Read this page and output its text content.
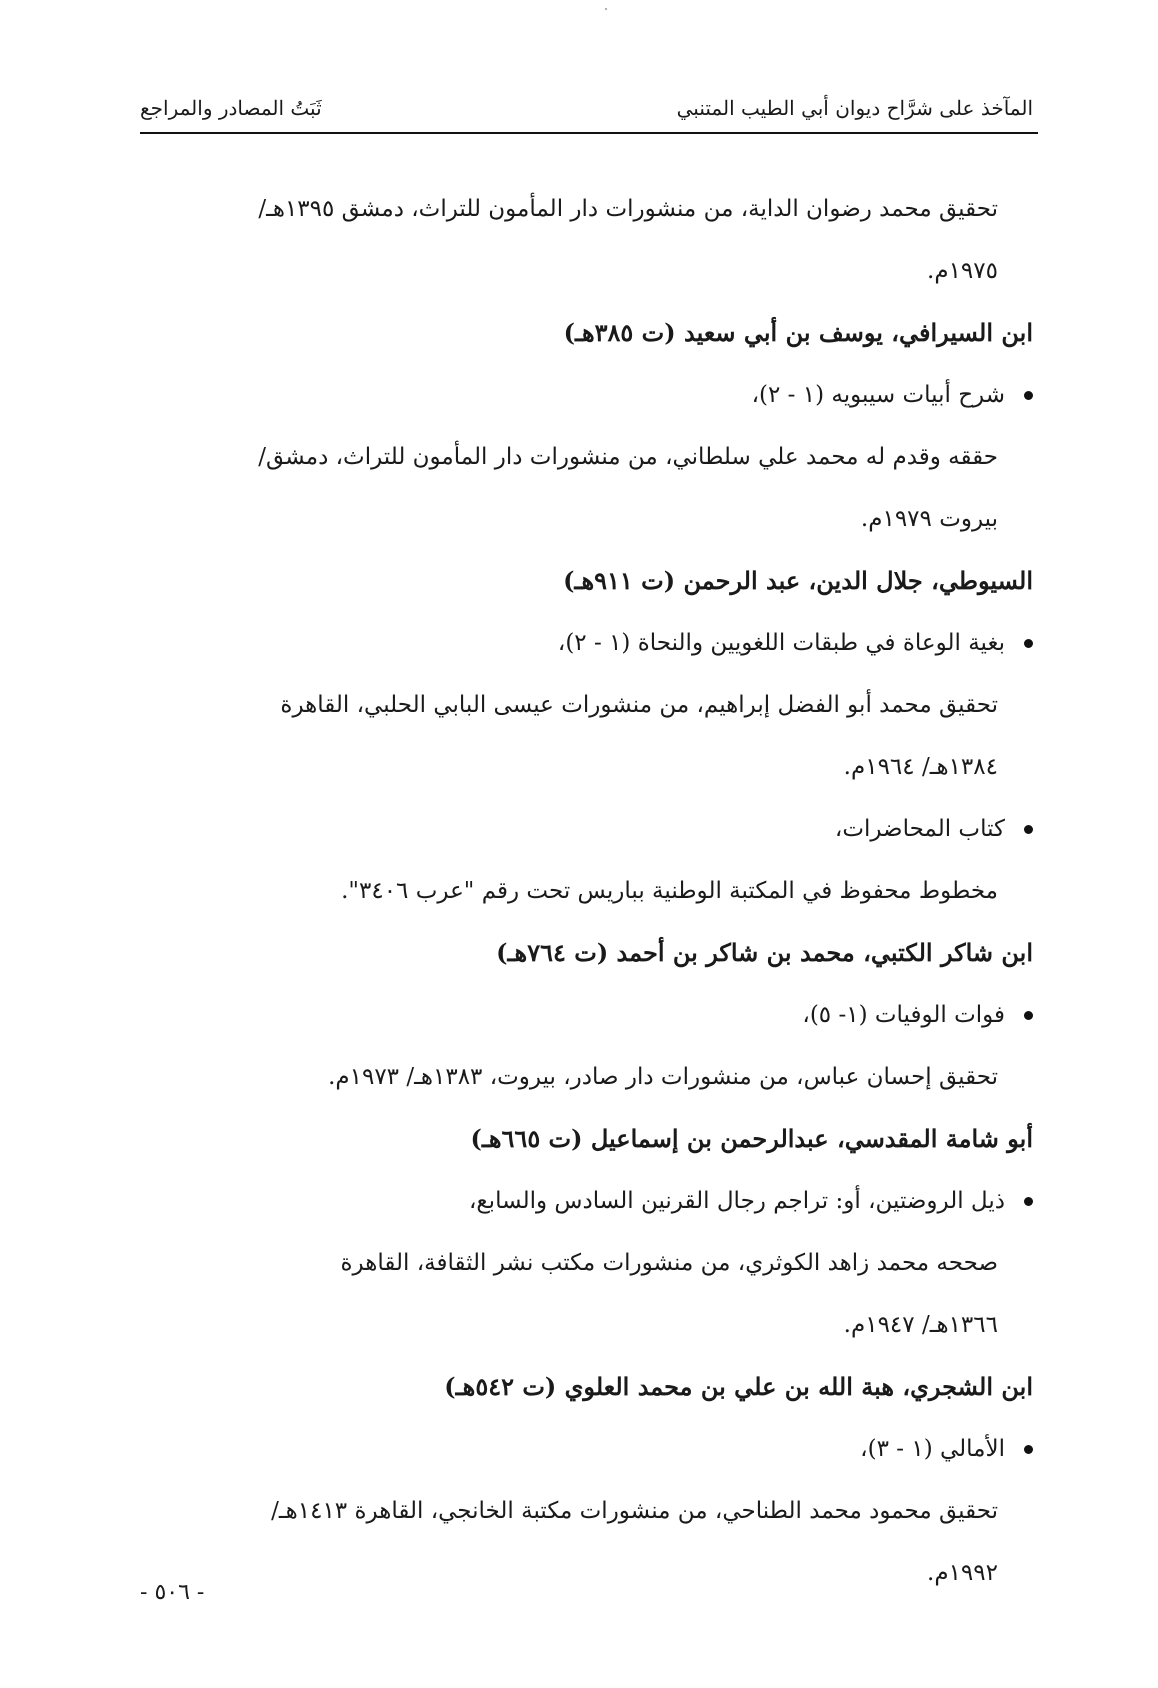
المآخذ على شرَّاح ديوان أبي الطيب المتنبي
ثَبَتُ المصادر والمراجع
تحقيق محمد رضوان الداية، من منشورات دار المأمون للتراث، دمشق ١٣٩٥هـ/
١٩٧٥م.
ابن السيرافي، يوسف بن أبي سعيد (ت ٣٨٥هـ)
شرح أبيات سيبويه (١ - ٢)،
حققه وقدم له محمد علي سلطاني، من منشورات دار المأمون للتراث، دمشق/
بيروت ١٩٧٩م.
السيوطي، جلال الدين، عبد الرحمن (ت ٩١١هـ)
بغية الوعاة في طبقات اللغويين والنحاة (١ - ٢)،
تحقيق محمد أبو الفضل إبراهيم، من منشورات عيسى البابي الحلبي، القاهرة
١٣٨٤هـ/ ١٩٦٤م.
كتاب المحاضرات،
مخطوط محفوظ في المكتبة الوطنية بباريس تحت رقم "عرب ٣٤٠٦".
ابن شاكر الكتبي، محمد بن شاكر بن أحمد (ت ٧٦٤هـ)
فوات الوفيات (١- ٥)،
تحقيق إحسان عباس، من منشورات دار صادر، بيروت، ١٣٨٣هـ/ ١٩٧٣م.
أبو شامة المقدسي، عبدالرحمن بن إسماعيل (ت ٦٦٥هـ)
ذيل الروضتين، أو: تراجم رجال القرنين السادس والسابع،
صححه محمد زاهد الكوثري، من منشورات مكتب نشر الثقافة، القاهرة
١٣٦٦هـ/ ١٩٤٧م.
ابن الشجري، هبة الله بن علي بن محمد العلوي (ت ٥٤٢هـ)
الأمالي (١ - ٣)،
تحقيق محمود محمد الطناحي، من منشورات مكتبة الخانجي، القاهرة ١٤١٣هـ/
١٩٩٢م.
- ٥٠٦ -
